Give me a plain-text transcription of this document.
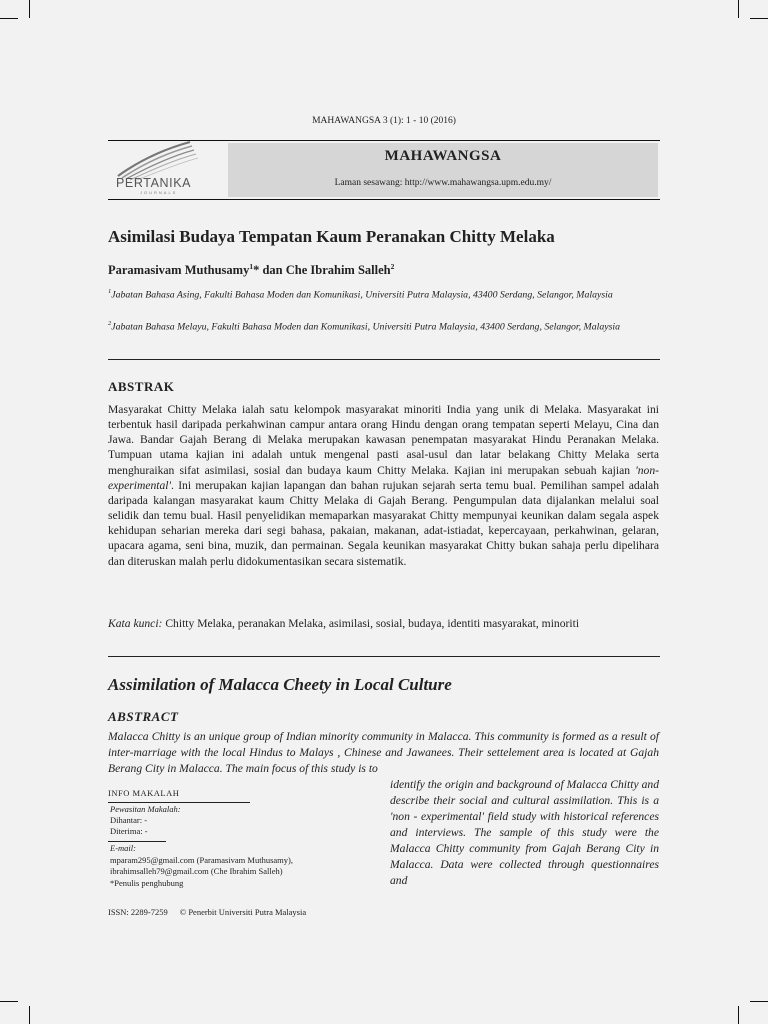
MAHAWANGSA 3 (1): 1 - 10 (2016)
MAHAWANGSA
Laman sesawang: http://www.mahawangsa.upm.edu.my/
PERTANIKA
JOURNALS
Asimilasi Budaya Tempatan Kaum Peranakan Chitty Melaka
Paramasivam Muthusamy$^1$* dan Che Ibrahim Salleh$^2$
$^1$Jabatan Bahasa Asing, Fakulti Bahasa Moden dan Komunikasi, Universiti Putra Malaysia, 43400 Serdang, Selangor, Malaysia
$^2$Jabatan Bahasa Melayu, Fakulti Bahasa Moden dan Komunikasi, Universiti Putra Malaysia, 43400 Serdang, Selangor, Malaysia
ABSTRAK
Masyarakat Chitty Melaka ialah satu kelompok masyarakat minoriti India yang unik di Melaka. Masyarakat ini terbentuk hasil daripada perkahwinan campur antara orang Hindu dengan orang tempatan seperti Melayu, Cina dan Jawa. Bandar Gajah Berang di Melaka merupakan kawasan penempatan masyarakat Hindu Peranakan Melaka. Tumpuan utama kajian ini adalah untuk mengenal pasti asal-usul dan latar belakang Chitty Melaka serta menghuraikan sifat asimilasi, sosial dan budaya kaum Chitty Melaka. Kajian ini merupakan sebuah kajian 'non-experimental'. Ini merupakan kajian lapangan dan bahan rujukan sejarah serta temu bual. Pemilihan sampel adalah daripada kalangan masyarakat kaum Chitty Melaka di Gajah Berang. Pengumpulan data dijalankan melalui soal selidik dan temu bual. Hasil penyelidikan memaparkan masyarakat Chitty mempunyai keunikan dalam segala aspek kehidupan seharian mereka dari segi bahasa, pakaian, makanan, adat-istiadat, kepercayaan, perkahwinan, gelaran, upacara agama, seni bina, muzik, dan permainan. Segala keunikan masyarakat Chitty bukan sahaja perlu dipelihara dan diteruskan malah perlu didokumentasikan secara sistematik.
Kata kunci: Chitty Melaka, peranakan Melaka, asimilasi, sosial, budaya, identiti masyarakat, minoriti
Assimilation of Malacca Cheety in Local Culture
ABSTRACT
Malacca Chitty is an unique group of Indian minority community in Malacca. This community is formed as a result of inter-marriage with the local Hindus to Malays , Chinese and Jawanees. Their settelement area is located at Gajah Berang City in Malacca. The main focus of this study is to
identify the origin and background of Malacca Chitty and describe their social and cultural assimilation. This is a 'non - experimental' field study with historical references and interviews. The sample of this study were the Malacca Chitty community from Gajah Berang City in Malacca. Data were collected through questionnaires and
INFO MAKALAH
Pewasitan Makalah:
Dihantar: -
Diterima: -
E-mail:
mparam295@gmail.com (Paramasivam Muthusamy),
ibrahimsalleh79@gmail.com (Che Ibrahim Salleh)
*Penulis penghubung
ISSN: 2289-7259 © Penerbit Universiti Putra Malaysia
